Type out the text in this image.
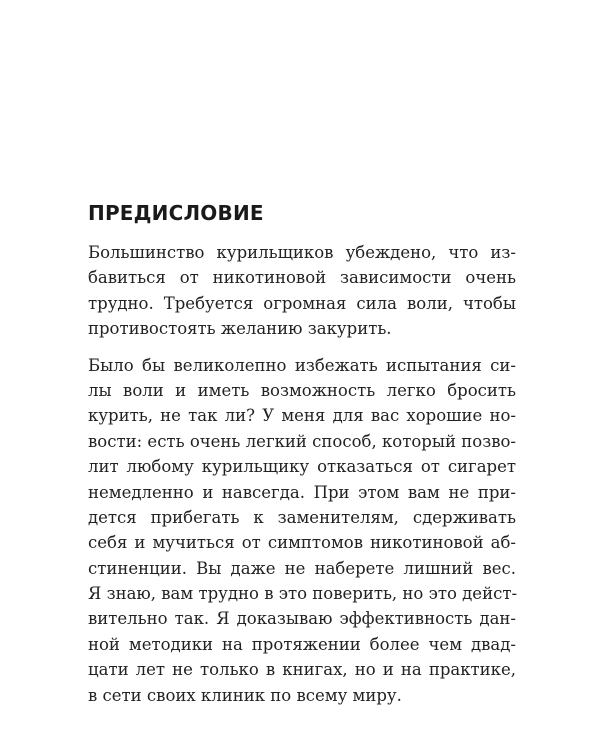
ПРЕДИСЛОВИЕ
Большинство курильщиков убеждено, что из-
бавиться от никотиновой зависимости очень
трудно. Требуется огромная сила воли, чтобы
противостоять желанию закурить.
Было бы великолепно избежать испытания си-
лы воли и иметь возможность легко бросить
курить, не так ли? У меня для вас хорошие но-
вости: есть очень легкий способ, который позво-
лит любому курильщику отказаться от сигарет
немедленно и навсегда. При этом вам не при-
дется прибегать к заменителям, сдерживать
себя и мучиться от симптомов никотиновой аб-
стиненции. Вы даже не наберете лишний вес.
Я знаю, вам трудно в это поверить, но это дейст-
вительно так. Я доказываю эффективность дан-
ной методики на протяжении более чем двад-
цати лет не только в книгах, но и на практике,
в сети своих клиник по всему миру.
